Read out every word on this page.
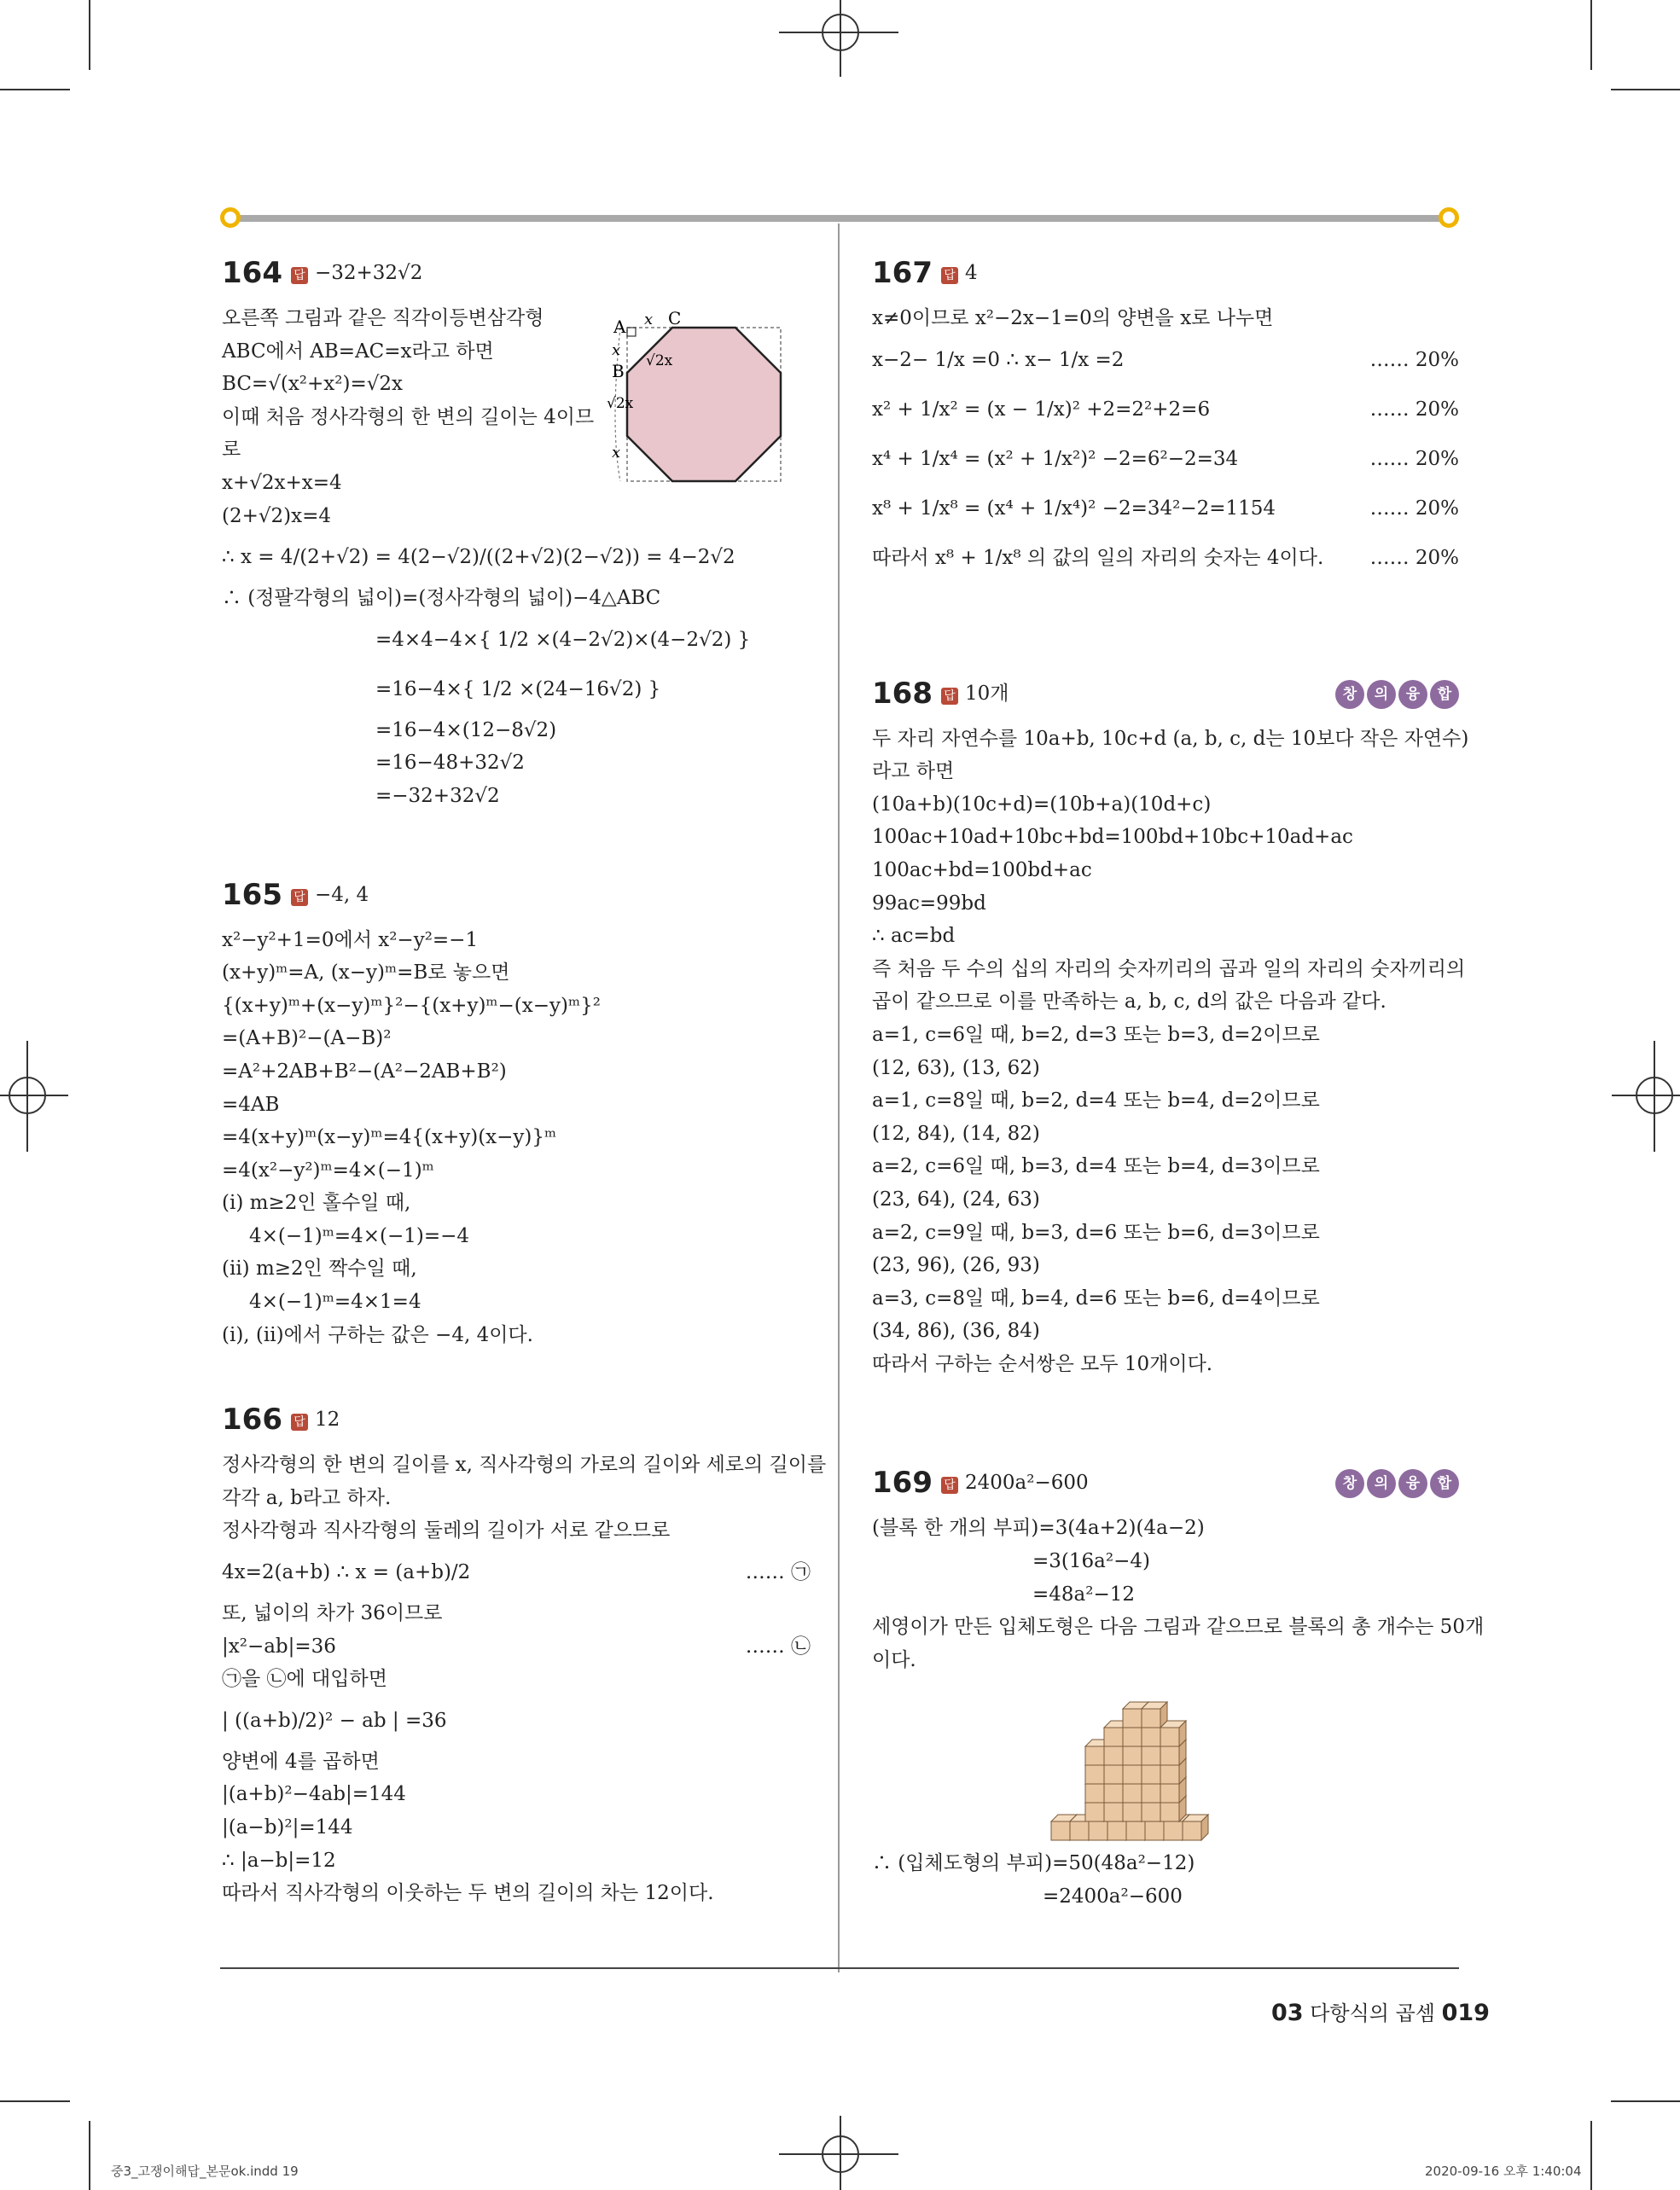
164 답 −32+32√2
A x C
x
B √2x
√2x
x
오른쪽 그림과 같은 직각이등변삼각형
ABC에서 AB=AC=x라고 하면
BC=√(x²+x²)=√2x
이때 처음 정사각형의 한 변의 길이는 4이므
로
x+√2x+x=4
(2+√2)x=4
∴ x = 4/(2+√2) = 4(2−√2)/((2+√2)(2−√2)) = 4−2√2
∴ (정팔각형의 넓이)=(정사각형의 넓이)−4△ABC
=4×4−4×{ 1/2 ×(4−2√2)×(4−2√2) }
=16−4×{ 1/2 ×(24−16√2) }
=16−4×(12−8√2)
=16−48+32√2
=−32+32√2
165 답 −4, 4
x²−y²+1=0에서 x²−y²=−1
(x+y)ᵐ=A, (x−y)ᵐ=B로 놓으면
{(x+y)ᵐ+(x−y)ᵐ}²−{(x+y)ᵐ−(x−y)ᵐ}²
=(A+B)²−(A−B)²
=A²+2AB+B²−(A²−2AB+B²)
=4AB
=4(x+y)ᵐ(x−y)ᵐ=4{(x+y)(x−y)}ᵐ
=4(x²−y²)ᵐ=4×(−1)ᵐ
(ⅰ) m≥2인 홀수일 때,
4×(−1)ᵐ=4×(−1)=−4
(ⅱ) m≥2인 짝수일 때,
4×(−1)ᵐ=4×1=4
(ⅰ), (ⅱ)에서 구하는 값은 −4, 4이다.
166 답 12
정사각형의 한 변의 길이를 x, 직사각형의 가로의 길이와 세로의 길이를
각각 a, b라고 하자.
정사각형과 직사각형의 둘레의 길이가 서로 같으므로
4x=2(a+b) ∴ x = (a+b)/2	…… ㉠
또, 넓이의 차가 36이므로
|x²−ab|=36	…… ㉡
㉠을 ㉡에 대입하면
| ((a+b)/2)² − ab | =36
양변에 4를 곱하면
|(a+b)²−4ab|=144
|(a−b)²|=144
∴ |a−b|=12
따라서 직사각형의 이웃하는 두 변의 길이의 차는 12이다.
167 답 4
x≠0이므로 x²−2x−1=0의 양변을 x로 나누면
x−2− 1/x =0 ∴ x− 1/x =2	…… 20%
x² + 1/x² = (x − 1/x)² +2=2²+2=6	…… 20%
x⁴ + 1/x⁴ = (x² + 1/x²)² −2=6²−2=34	…… 20%
x⁸ + 1/x⁸ = (x⁴ + 1/x⁴)² −2=34²−2=1154	…… 20%
따라서 x⁸ + 1/x⁸ 의 값의 일의 자리의 숫자는 4이다. …… 20%
168 답 10개	창 의 융 합
두 자리 자연수를 10a+b, 10c+d (a, b, c, d는 10보다 작은 자연수)
라고 하면
(10a+b)(10c+d)=(10b+a)(10d+c)
100ac+10ad+10bc+bd=100bd+10bc+10ad+ac
100ac+bd=100bd+ac
99ac=99bd
∴ ac=bd
즉 처음 두 수의 십의 자리의 숫자끼리의 곱과 일의 자리의 숫자끼리의
곱이 같으므로 이를 만족하는 a, b, c, d의 값은 다음과 같다.
a=1, c=6일 때, b=2, d=3 또는 b=3, d=2이므로
(12, 63), (13, 62)
a=1, c=8일 때, b=2, d=4 또는 b=4, d=2이므로
(12, 84), (14, 82)
a=2, c=6일 때, b=3, d=4 또는 b=4, d=3이므로
(23, 64), (24, 63)
a=2, c=9일 때, b=3, d=6 또는 b=6, d=3이므로
(23, 96), (26, 93)
a=3, c=8일 때, b=4, d=6 또는 b=6, d=4이므로
(34, 86), (36, 84)
따라서 구하는 순서쌍은 모두 10개이다.
169 답 2400a²−600	창 의 융 합
(블록 한 개의 부피)=3(4a+2)(4a−2)
=3(16a²−4)
=48a²−12
세영이가 만든 입체도형은 다음 그림과 같으므로 블록의 총 개수는 50개
이다.
∴ (입체도형의 부피)=50(48a²−12)
=2400a²−600
03 다항식의 곱셈 019
중3_고쟁이해답_본문ok.indd 19	2020-09-16 오후 1:40:04
